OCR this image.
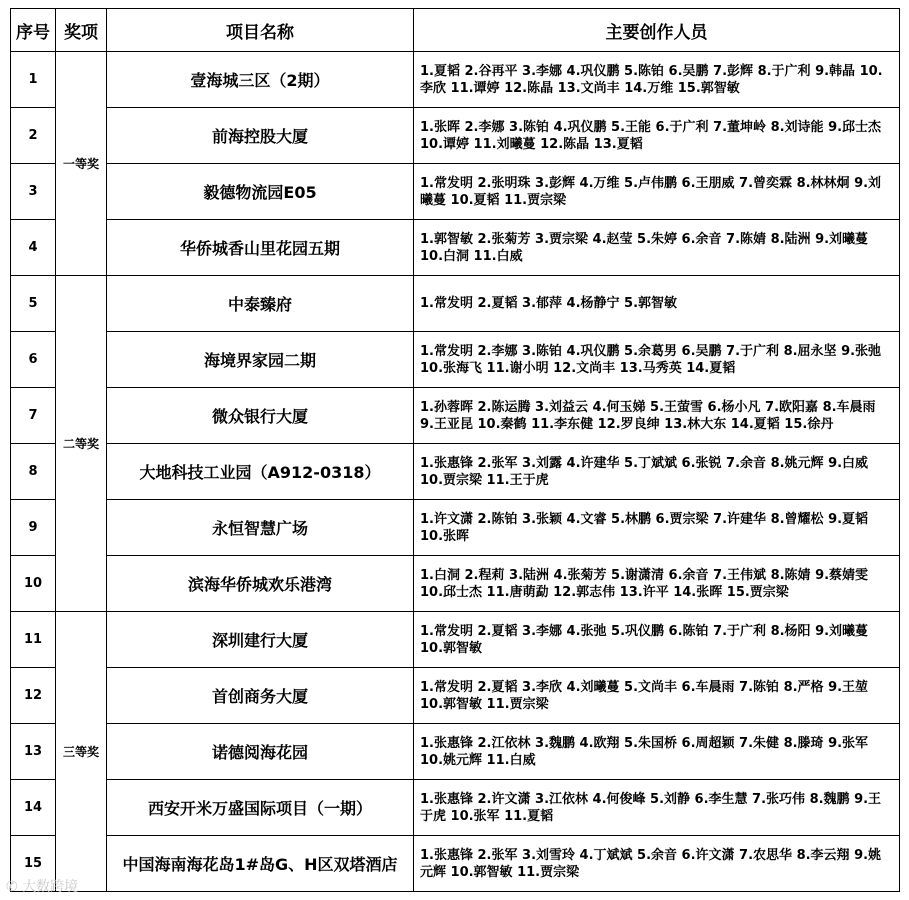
序号	奖项	项目名称	主要创作人员
1	一等奖	壹海城三区（2期）	1.夏韬 2.谷再平 3.李娜 4.巩仪鹏 5.陈铂 6.吴鹏 7.彭辉 8.于广利 9.韩晶 10.李欣 11.谭婷 12.陈晶 13.文尚丰 14.万维 15.郭智敏
2		前海控股大厦	1.张晖 2.李娜 3.陈铂 4.巩仪鹏 5.王能 6.于广利 7.董坤岭 8.刘诗能 9.邱士杰 10.谭婷 11.刘曦蔓 12.陈晶 13.夏韬
3		毅德物流园E05	1.常发明 2.张明珠 3.彭辉 4.万维 5.卢伟鹏 6.王朋威 7.曾奕霖 8.林林炯 9.刘曦蔓 10.夏韬 11.贾宗梁
4		华侨城香山里花园五期	1.郭智敏 2.张菊芳 3.贾宗梁 4.赵莹 5.朱婷 6.余音 7.陈婧 8.陆洲 9.刘曦蔓 10.白洞 11.白威
5	二等奖	中泰臻府	1.常发明 2.夏韬 3.郁萍 4.杨静宁 5.郭智敏
6		海境界家园二期	1.常发明 2.李娜 3.陈铂 4.巩仪鹏 5.余葛男 6.吴鹏 7.于广利 8.屈永坚 9.张弛 10.张海飞 11.谢小明 12.文尚丰 13.马秀英 14.夏韬
7		微众银行大厦	1.孙蓉晖 2.陈运腾 3.刘益云 4.何玉娣 5.王萤雪 6.杨小凡 7.欧阳嘉 8.车晨雨 9.王亚昆 10.秦鹤 11.李东健 12.罗良绅 13.林大东 14.夏韬 15.徐丹
8		大地科技工业园（A912-0318）	1.张惠锋 2.张军 3.刘露 4.许建华 5.丁斌斌 6.张锐 7.余音 8.姚元辉 9.白威 10.贾宗梁 11.王于虎
9		永恒智慧广场	1.许文潇 2.陈铂 3.张颖 4.文睿 5.林鹏 6.贾宗梁 7.许建华 8.曾耀松 9.夏韬 10.张晖
10		滨海华侨城欢乐港湾	1.白洞 2.程莉 3.陆洲 4.张菊芳 5.谢潇清 6.余音 7.王伟斌 8.陈婧 9.蔡婧雯 10.邱士杰 11.唐萌勐 12.郭志伟 13.许平 14.张晖 15.贾宗梁
11	三等奖	深圳建行大厦	1.常发明 2.夏韬 3.李娜 4.张弛 5.巩仪鹏 6.陈铂 7.于广利 8.杨阳 9.刘曦蔓 10.郭智敏
12		首创商务大厦	1.常发明 2.夏韬 3.李欣 4.刘曦蔓 5.文尚丰 6.车晨雨 7.陈铂 8.严格 9.王堃 10.郭智敏 11.贾宗梁
13		诺德阅海花园	1.张惠锋 2.江依林 3.魏鹏 4.欧翔 5.朱国桥 6.周超颖 7.朱健 8.滕琦 9.张军 10.姚元辉 11.白威
14		西安开米万盛国际项目（一期）	1.张惠锋 2.许文潇 3.江依林 4.何俊峰 5.刘静 6.李生慧 7.张巧伟 8.魏鹏 9.王于虎 10.张军 11.夏韬
15		中国海南海花岛1#岛G、H区双塔酒店	1.张惠锋 2.张军 3.刘雪玲 4.丁斌斌 5.余音 6.许文潇 7.农思华 8.李云翔 9.姚元辉 10.郭智敏 11.贾宗梁
✆ 大数跨境
